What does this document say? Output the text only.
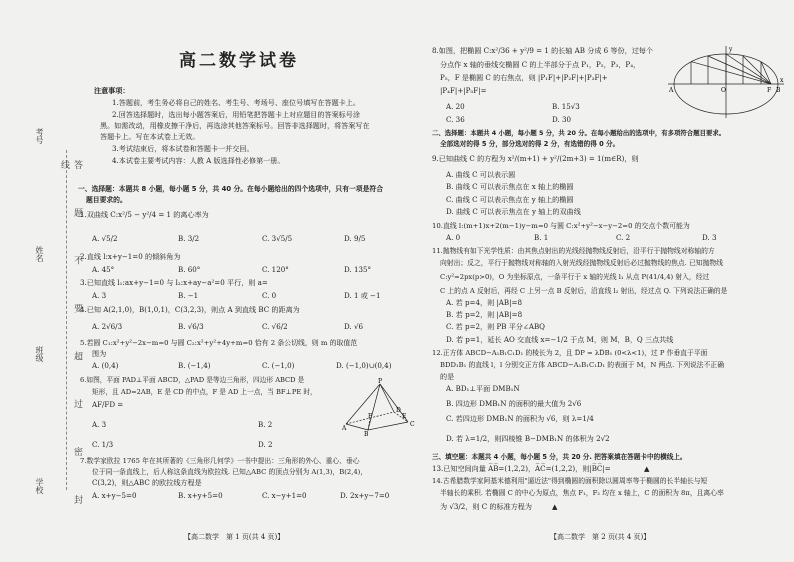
考号
姓名
班级
学校	答 题 不 要 超 过 密 封 线
高二数学试卷
注意事项：
1.答题前，考生务必将自己的姓名、考生号、考场号、座位号填写在答题卡上。
2.回答选择题时，选出每小题答案后，用铅笔把答题卡上对应题目的答案标号涂
黑。如需改动，用橡皮擦干净后，再选涂其他答案标号。回答非选择题时，将答案写在
答题卡上。写在本试卷上无效。
3.考试结束后，将本试卷和答题卡一并交回。
4.本试卷主要考试内容：人教 A 版选择性必修第一册。
一、选择题：本题共 8 小题，每小题 5 分，共 40 分。在每小题给出的四个选项中，只有一项是符合
题目要求的。
1.双曲线 C:x²/5 − y²/4 = 1 的离心率为
A. √5/2	B. 3/2	C. 3√5/5	D. 9/5
2.直线 l:x+y−1=0 的倾斜角为
A. 45°	B. 60°	C. 120°	D. 135°
3.已知直线 l₁:ax+y−1=0 与 l₂:x+ay−a²=0 平行，则 a=
A. 3	B. −1	C. 0	D. 1 或 −1
4.已知 A(2,1,0)，B(1,0,1)，C(3,2,3)，则点 A 到直线 BC 的距离为
A. 2√6/3	B. √6/3	C. √6/2	D. √6
5.若圆 C₁:x²+y²−2x−m=0 与圆 C₂:x²+y²+4y+m=0 恰有 2 条公切线，则 m 的取值范
围为
A. (0,4)	B. (−1,4)	C. (−1,0)	D. (−1,0)∪(0,4)
6.如图，平面 PAD⊥平面 ABCD，△PAD 是等边三角形，四边形 ABCD 是
矩形，且 AD=2AB，E 是 CD 的中点，F 是 AD 上一点，当 BF⊥PE 时，
AF/FD =
A. 3	B. 2
C. 1/3	D. 2
P
A
B
C
D
E
F
7.数学家欧拉 1765 年在其所著的《三角形几何学》一书中提出：三角形的外心、重心、垂心
位于同一条直线上，后人称这条直线为欧拉线. 已知△ABC 的顶点分别为 A(1,3)，B(2,4)，
C(3,2)，则△ABC 的欧拉线方程是
A. x+y−5=0	B. x+y+5=0	C. x−y+1=0	D. 2x+y−7=0
【高二数学　第 1 页(共 4 页)】
8.如图，把椭圆 C:x²/36 + y²/9 = 1 的长轴 AB 分成 6 等份，过每个
分点作 x 轴的垂线交椭圆 C 的上半部分于点 P₁，P₂，P₃，P₄，
P₅，F 是椭圆 C 的右焦点，则 |P₁F|+|P₂F|+|P₃F|+
|P₄F|+|P₅F|=
A. 20	B. 15√3
C. 36	D. 30
A	B
O	F
x
y
二、选择题：本题共 4 小题，每小题 5 分，共 20 分。在每小题给出的选项中，有多项符合题目要求。
全部选对的得 5 分，部分选对的得 2 分，有选错的得 0 分。
9.已知曲线 C 的方程为 x²/(m+1) + y²/(2m+3) = 1(m∈R)，则
A. 曲线 C 可以表示圆
B. 曲线 C 可以表示焦点在 x 轴上的椭圆
C. 曲线 C 可以表示焦点在 y 轴上的椭圆
D. 曲线 C 可以表示焦点在 y 轴上的双曲线
10.直线 l:(m+1)x+2(m−1)y−m=0 与圆 C:x²+y²−x−y−2=0 的交点个数可能为
A. 0	B. 1	C. 2	D. 3
11.抛物线有如下光学性质：由其焦点射出的光线经抛物线反射后，沿平行于抛物线对称轴的方
向射出；反之，平行于抛物线对称轴的入射光线经抛物线反射后必过抛物线的焦点. 已知抛物线
C:y²=2px(p>0)，O 为坐标原点，一条平行于 x 轴的光线 l₁ 从点 P(41/4,4) 射入，经过
C 上的点 A 反射后，再经 C 上另一点 B 反射后，沿直线 l₂ 射出，经过点 Q. 下列说法正确的是
A. 若 p=4，则 |AB|=8
B. 若 p=2，则 |AB|=8
C. 若 p=2，则 PB 平分∠ABQ
D. 若 p=1，延长 AO 交直线 x=−1/2 于点 M，则 M，B，Q 三点共线
12.正方体 ABCD−A₁B₁C₁D₁ 的棱长为 2，且 D̅P = λD̅B₁ (0<λ<1)，过 P 作垂直于平面
BDD₁B₁ 的直线 l，l 分别交正方体 ABCD−A₁B₁C₁D₁ 的表面于 M，N 两点. 下列说法不正确
的是
A. BD₁⊥平面 DMB₁N
B. 四边形 DMB₁N 的面积的最大值为 2√6
C. 若四边形 DMB₁N 的面积为 √6，则 λ=1/4
D. 若 λ=1/2，则四棱锥 B−DMB₁N 的体积为 2√2
三、填空题：本题共 4 小题，每小题 5 分，共 20 分. 把答案填在答题卡中的横线上。
13.已知空间向量 A̅B̅=(1,2,2)，A̅C̅=(1,2,2)，则|B̅C̅|=	▲
14.古希腊数学家阿基米德利用"逼近法"得到椭圆的面积除以圆周率等于椭圆的长半轴长与短
半轴长的乘积. 若椭圆 C 的中心为原点，焦点 F₁，F₂ 均在 x 轴上，C 的面积为 8π，且离心率
为 √3/2，则 C 的标准方程为	▲
【高二数学　第 2 页(共 4 页)】
